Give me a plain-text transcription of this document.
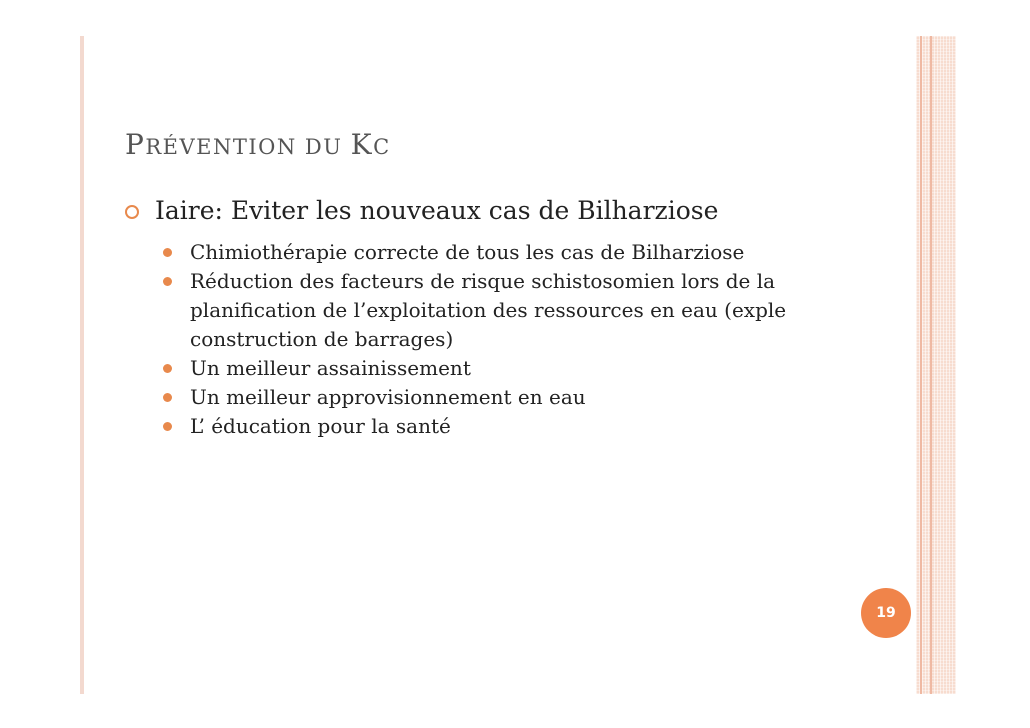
PRÉVENTION DU KC
Iaire: Eviter les nouveaux cas de Bilharziose
Chimiothérapie correcte de tous les cas de Bilharziose
Réduction des facteurs de risque schistosomien lors de la planification de l’exploitation des ressources en eau (exple construction de barrages)
Un meilleur assainissement
Un meilleur approvisionnement en eau
L’ éducation pour la santé
19
